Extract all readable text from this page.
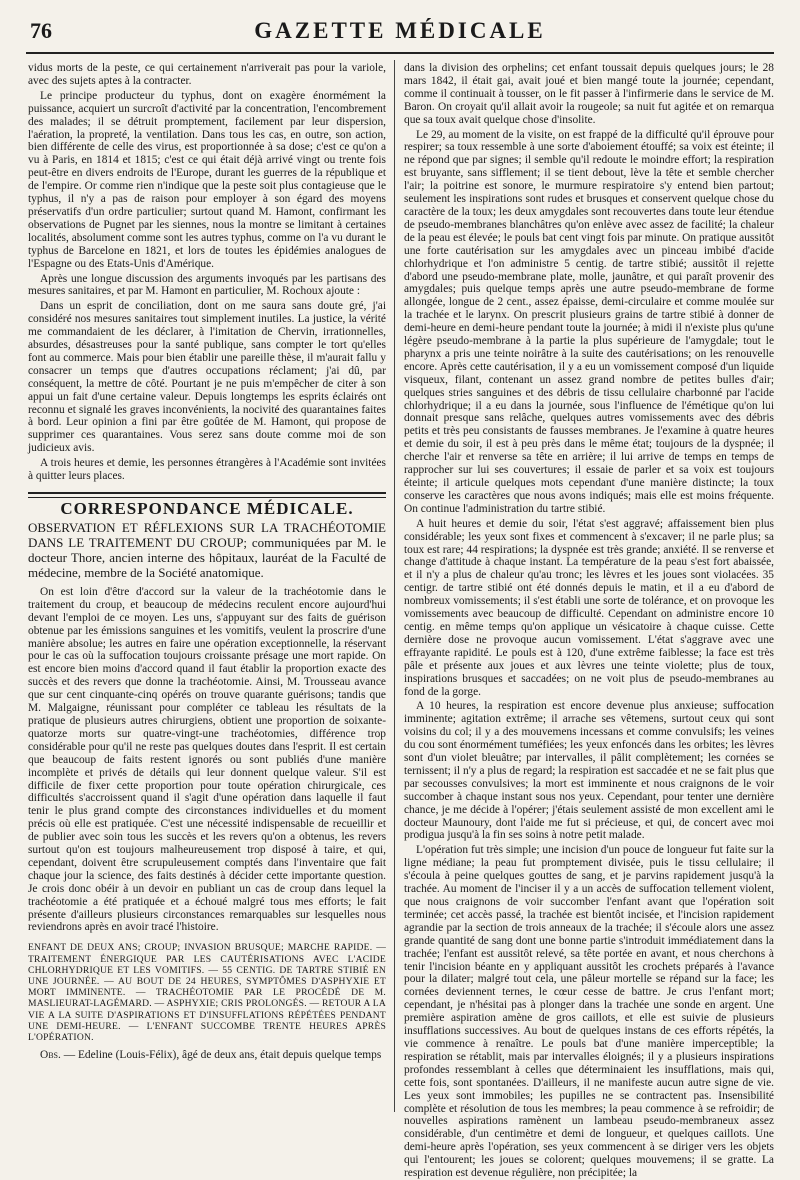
76	GAZETTE MÉDICALE

vidus morts de la peste, ce qui certainement n'arriverait pas pour la variole, avec des sujets aptes à la contracter.

Le principe producteur du typhus, dont on exagère énormément la puissance, acquiert un surcroît d'activité par la concentration, l'encombrement des malades; il se détruit promptement, facilement par leur dispersion, l'aération, la propreté, la ventilation. Dans tous les cas, en outre, son action, bien différente de celle des virus, est proportionnée à sa dose; c'est ce qu'on a vu à Paris, en 1814 et 1815; c'est ce qui était déjà arrivé vingt ou trente fois peut-être en divers endroits de l'Europe, durant les guerres de la république et de l'empire. Or comme rien n'indique que la peste soit plus contagieuse que le typhus, il n'y a pas de raison pour employer à son égard des moyens préservatifs d'un ordre particulier; surtout quand M. Hamont, confirmant les observations de Pugnet par les siennes, nous la montre se limitant à certaines localités, absolument comme sont les autres typhus, comme on l'a vu durant le typhus de Barcelone en 1821, et lors de toutes les épidémies analogues de l'Espagne ou des Etats-Unis d'Amérique.

Après une longue discussion des arguments invoqués par les partisans des mesures sanitaires, et par M. Hamont en particulier, M. Rochoux ajoute :

Dans un esprit de conciliation, dont on me saura sans doute gré, j'ai considéré nos mesures sanitaires tout simplement inutiles. La justice, la vérité me commandaient de les déclarer, à l'imitation de Chervin, irrationnelles, absurdes, désastreuses pour la santé publique, sans compter le tort qu'elles font au commerce. Mais pour bien établir une pareille thèse, il m'aurait fallu y consacrer un temps que d'autres occupations réclament; j'ai dû, par conséquent, la mettre de côté. Pourtant je ne puis m'empêcher de citer à son appui un fait d'une certaine valeur. Depuis longtemps les esprits éclairés ont reconnu et signalé les graves inconvénients, la nocivité des quarantaines faites à bord. Leur opinion a fini par être goûtée de M. Hamont, qui propose de supprimer ces quarantaines. Vous serez sans doute comme moi de son judicieux avis.

A trois heures et demie, les personnes étrangères à l'Académie sont invitées à quitter leurs places.

CORRESPONDANCE MÉDICALE.

OBSERVATION ET RÉFLEXIONS SUR LA TRACHÉOTOMIE DANS LE TRAITEMENT DU CROUP; communiquées par M. le docteur Thore, ancien interne des hôpitaux, lauréat de la Faculté de médecine, membre de la Société anatomique.

On est loin d'être d'accord sur la valeur de la trachéotomie dans le traitement du croup, et beaucoup de médecins reculent encore aujourd'hui devant l'emploi de ce moyen. Les uns, s'appuyant sur des faits de guérison obtenue par les émissions sanguines et les vomitifs, veulent la proscrire d'une manière absolue; les autres en faire une opération exceptionnelle, la réservant pour le cas où la suffocation toujours croissante présage une mort rapide. On est encore bien moins d'accord quand il faut établir la proportion exacte des succès et des revers que donne la trachéotomie. Ainsi, M. Trousseau avance que sur cent cinquante-cinq opérés on trouve quarante guérisons; tandis que M. Malgaigne, réunissant pour compléter ce tableau les résultats de la pratique de plusieurs autres chirurgiens, obtient une proportion de soixante-quatorze morts sur quatre-vingt-une trachéotomies, différence trop considérable pour qu'il ne reste pas quelques doutes dans l'esprit. Il est certain que beaucoup de faits restent ignorés ou sont publiés d'une manière incomplète et privés de détails qui leur donnent quelque valeur. S'il est difficile de fixer cette proportion pour toute opération chirurgicale, ces difficultés s'accroissent quand il s'agit d'une opération dans laquelle il faut tenir le plus grand compte des circonstances individuelles et du moment précis où elle est pratiquée. C'est une nécessité indispensable de recueillir et de publier avec soin tous les succès et les revers qu'on a obtenus, les revers surtout qu'on est toujours malheureusement trop disposé à taire, et qui, cependant, doivent être scrupuleusement comptés dans l'inventaire que fait chaque jour la science, des faits destinés à décider cette importante question. Je crois donc obéir à un devoir en publiant un cas de croup dans lequel la trachéotomie a été pratiquée et a échoué malgré tous mes efforts; le fait présente d'ailleurs plusieurs circonstances remarquables sur lesquelles nous reviendrons après en avoir tracé l'histoire.

ENFANT DE DEUX ANS; CROUP; INVASION BRUSQUE; MARCHE RAPIDE. — TRAITEMENT ÉNERGIQUE PAR LES CAUTÉRISATIONS AVEC L'ACIDE CHLORHYDRIQUE ET LES VOMITIFS. — 55 CENTIG. DE TARTRE STIBIÉ EN UNE JOURNÉE. — AU BOUT DE 24 HEURES, SYMPTÔMES D'ASPHYXIE ET MORT IMMINENTE. — TRACHÉOTOMIE PAR LE PROCÉDÉ DE M. MASLIEURAT-LAGÉMARD. — ASPHYXIE; CRIS PROLONGÉS. — RETOUR A LA VIE A LA SUITE D'ASPIRATIONS ET D'INSUFFLATIONS RÉPÉTÉES PENDANT UNE DEMI-HEURE. — L'ENFANT SUCCOMBE TRENTE HEURES APRÈS L'OPÉRATION.

Obs. — Edeline (Louis-Félix), âgé de deux ans, était depuis quelque temps

dans la division des orphelins; cet enfant toussait depuis quelques jours; le 28 mars 1842, il était gai, avait joué et bien mangé toute la journée; cependant, comme il continuait à tousser, on le fit passer à l'infirmerie dans le service de M. Baron. On croyait qu'il allait avoir la rougeole; sa nuit fut agitée et on remarqua que sa toux avait quelque chose d'insolite.

Le 29, au moment de la visite, on est frappé de la difficulté qu'il éprouve pour respirer; sa toux ressemble à une sorte d'aboiement étouffé; sa voix est éteinte; il ne répond que par signes; il semble qu'il redoute le moindre effort; la respiration est bruyante, sans sifflement; il se tient debout, lève la tête et semble chercher l'air; la poitrine est sonore, le murmure respiratoire s'y entend bien partout; seulement les inspirations sont rudes et brusques et conservent quelque chose du caractère de la toux; les deux amygdales sont recouvertes dans toute leur étendue de pseudo-membranes blanchâtres qu'on enlève avec assez de facilité; la chaleur de la peau est élevée; le pouls bat cent vingt fois par minute. On pratique aussitôt une forte cautérisation sur les amygdales avec un pinceau imbibé d'acide chlorhydrique et l'on administre 5 centig. de tartre stibié; aussitôt il rejette d'abord une pseudo-membrane plate, molle, jaunâtre, et qui paraît provenir des amygdales; puis quelque temps après une autre pseudo-membrane de forme allongée, longue de 2 cent., assez épaisse, demi-circulaire et comme moulée sur la trachée et le larynx. On prescrit plusieurs grains de tartre stibié à donner de demi-heure en demi-heure pendant toute la journée; à midi il n'existe plus qu'une légère pseudo-membrane à la partie la plus supérieure de l'amygdale; tout le pharynx a pris une teinte noirâtre à la suite des cautérisations; on les renouvelle encore. Après cette cautérisation, il y a eu un vomissement composé d'un liquide visqueux, filant, contenant un assez grand nombre de petites bulles d'air; quelques stries sanguines et des débris de tissu cellulaire charbonné par l'acide chlorhydrique; il a eu dans la journée, sous l'influence de l'émétique qu'on lui donnait presque sans relâche, quelques autres vomissements avec des débris petits et très peu consistants de fausses membranes. Je l'examine à quatre heures et demie du soir, il est à peu près dans le même état; toujours de la dyspnée; il cherche l'air et renverse sa tête en arrière; il lui arrive de temps en temps de rapprocher sur lui ses couvertures; il essaie de parler et sa voix est toujours éteinte; il articule quelques mots cependant d'une manière distincte; la toux conserve les caractères que nous avons indiqués; mais elle est moins fréquente. On continue l'administration du tartre stibié.

A huit heures et demie du soir, l'état s'est aggravé; affaissement bien plus considérable; les yeux sont fixes et commencent à s'excaver; il ne parle plus; sa toux est rare; 44 respirations; la dyspnée est très grande; anxiété. Il se renverse et change d'attitude à chaque instant. La température de la peau s'est fort abaissée, et il n'y a plus de chaleur qu'au tronc; les lèvres et les joues sont violacées. 35 centigr. de tartre stibié ont été donnés depuis le matin, et il a eu d'abord de nombreux vomissements; il s'est établi une sorte de tolérance, et on provoque les vomissements avec beaucoup de difficulté. Cependant on administre encore 10 centig. en même temps qu'on applique un vésicatoire à chaque cuisse. Cette dernière dose ne provoque aucun vomissement. L'état s'aggrave avec une effrayante rapidité. Le pouls est à 120, d'une extrême faiblesse; la face est très pâle et présente aux joues et aux lèvres une teinte violette; plus de toux, inspirations brusques et saccadées; on ne voit plus de pseudo-membranes au fond de la gorge.

A 10 heures, la respiration est encore devenue plus anxieuse; suffocation imminente; agitation extrême; il arrache ses vêtemens, surtout ceux qui sont voisins du col; il y a des mouvemens incessans et comme convulsifs; les veines du cou sont énormément tuméfiées; les yeux enfoncés dans les orbites; les lèvres sont d'un violet bleuâtre; par intervalles, il pâlit complètement; les cornées se ternissent; il n'y a plus de regard; la respiration est saccadée et ne se fait plus que par secousses convulsives; la mort est imminente et nous craignons de le voir succomber à chaque instant sous nos yeux. Cependant, pour tenter une dernière chance, je me décide à l'opérer; j'étais seulement assisté de mon excellent ami le docteur Maunoury, dont l'aide me fut si précieuse, et qui, de concert avec moi prodigua jusqu'à la fin ses soins à notre petit malade.

L'opération fut très simple; une incision d'un pouce de longueur fut faite sur la ligne médiane; la peau fut promptement divisée, puis le tissu cellulaire; il s'écoula à peine quelques gouttes de sang, et je parvins rapidement jusqu'à la trachée. Au moment de l'inciser il y a un accès de suffocation tellement violent, que nous craignons de voir succomber l'enfant avant que l'opération soit terminée; cet accès passé, la trachée est bientôt incisée, et l'incision rapidement agrandie par la section de trois anneaux de la trachée; il s'écoule alors une assez grande quantité de sang dont une bonne partie s'introduit immédiatement dans la trachée; l'enfant est aussitôt relevé, sa tête portée en avant, et nous cherchons à tenir l'incision béante en y appliquant aussitôt les crochets préparés à l'avance pour la dilater; malgré tout cela, une pâleur mortelle se répand sur la face; les cornées deviennent ternes, le cœur cesse de battre. Je crus l'enfant mort; cependant, je n'hésitai pas à plonger dans la trachée une sonde en argent. Une première aspiration amène de gros caillots, et elle est suivie de plusieurs insufflations successives. Au bout de quelques instans de ces efforts répétés, la vie commence à renaître. Le pouls bat d'une manière imperceptible; la respiration se rétablit, mais par intervalles éloignés; il y a plusieurs inspirations profondes ressemblant à celles que déterminaient les insufflations, mais qui, cette fois, sont spontanées. D'ailleurs, il ne manifeste aucun autre signe de vie. Les yeux sont immobiles; les pupilles ne se contractent pas. Insensibilité complète et résolution de tous les membres; la peau commence à se refroidir; de nouvelles aspirations ramènent un lambeau pseudo-membraneux assez considérable, d'un centimètre et demi de longueur, et quelques caillots. Une demi-heure après l'opération, ses yeux commencent à se diriger vers les objets qui l'entourent; les joues se colorent; quelques mouvemens; il se gratte. La respiration est devenue régulière, non précipitée; la
